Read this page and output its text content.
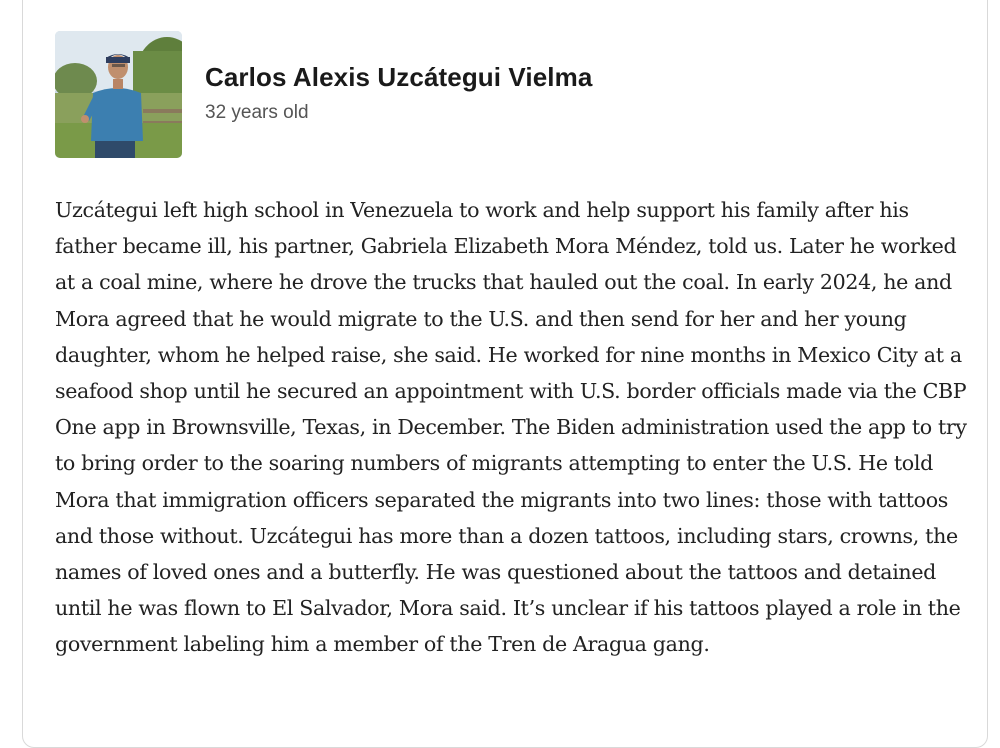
Carlos Alexis Uzcátegui Vielma
32 years old

Uzcátegui left high school in Venezuela to work and help support his family after his father became ill, his partner, Gabriela Elizabeth Mora Méndez, told us. Later he worked at a coal mine, where he drove the trucks that hauled out the coal. In early 2024, he and Mora agreed that he would migrate to the U.S. and then send for her and her young daughter, whom he helped raise, she said. He worked for nine months in Mexico City at a seafood shop until he secured an appointment with U.S. border officials made via the CBP One app in Brownsville, Texas, in December. The Biden administration used the app to try to bring order to the soaring numbers of migrants attempting to enter the U.S. He told Mora that immigration officers separated the migrants into two lines: those with tattoos and those without. Uzcátegui has more than a dozen tattoos, including stars, crowns, the names of loved ones and a butterfly. He was questioned about the tattoos and detained until he was flown to El Salvador, Mora said. It’s unclear if his tattoos played a role in the government labeling him a member of the Tren de Aragua gang.
